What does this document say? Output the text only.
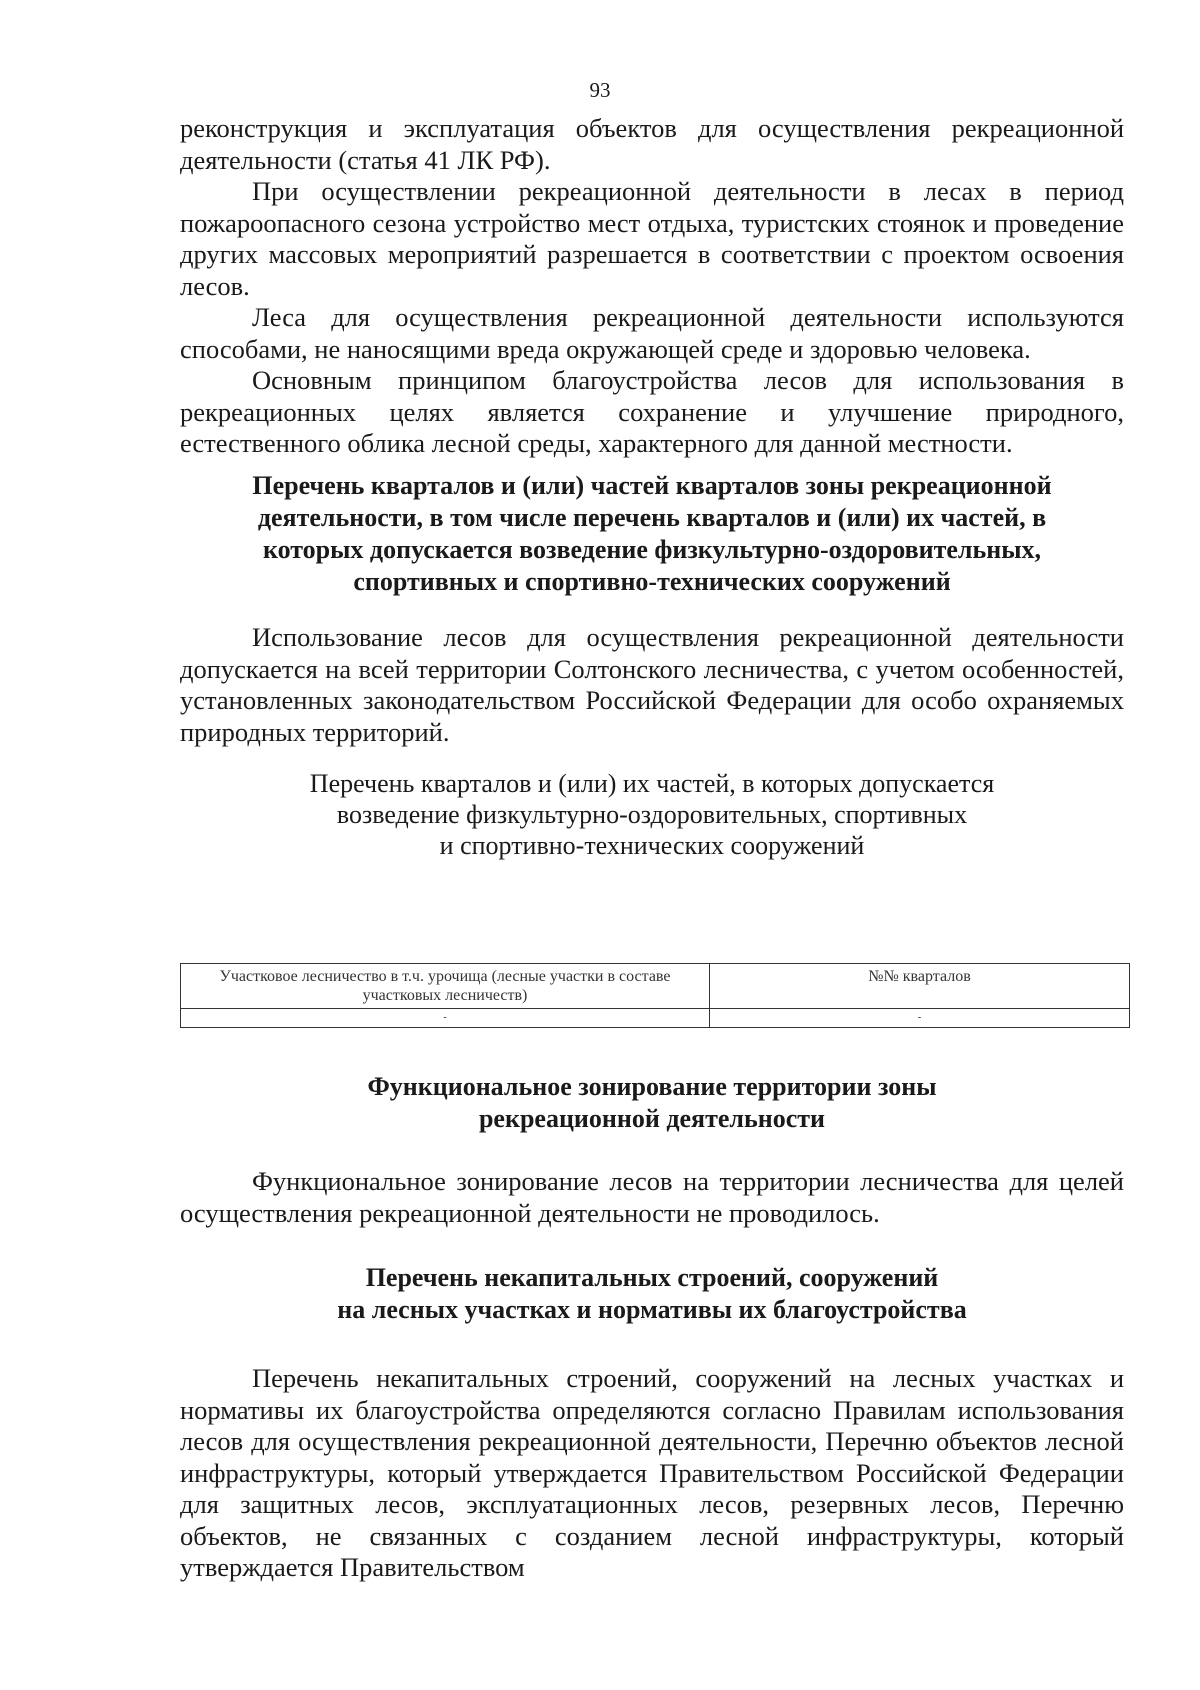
93

реконструкция и эксплуатация объектов для осуществления рекреационной деятельности (статья 41 ЛК РФ).

При осуществлении рекреационной деятельности в лесах в период пожароопасного сезона устройство мест отдыха, туристских стоянок и проведение других массовых мероприятий разрешается в соответствии с проектом освоения лесов.

Леса для осуществления рекреационной деятельности используются способами, не наносящими вреда окружающей среде и здоровью человека.

Основным принципом благоустройства лесов для использования в рекреационных целях является сохранение и улучшение природного, естественного облика лесной среды, характерного для данной местности.

Перечень кварталов и (или) частей кварталов зоны рекреационной
деятельности, в том числе перечень кварталов и (или) их частей, в
которых допускается возведение физкультурно-оздоровительных,
спортивных и спортивно-технических сооружений

Использование лесов для осуществления рекреационной деятельности допускается на всей территории Солтонского лесничества, с учетом особенностей, установленных законодательством Российской Федерации для особо охраняемых природных территорий.

Перечень кварталов и (или) их частей, в которых допускается
возведение физкультурно-оздоровительных, спортивных
и спортивно-технических сооружений
Участковое лесничество в т.ч. урочища (лесные участки в составе участковых лесничеств)	№№ кварталов
-	-
Функциональное зонирование территории зоны
рекреационной деятельности

Функциональное зонирование лесов на территории лесничества для целей осуществления рекреационной деятельности не проводилось.

Перечень некапитальных строений, сооружений
на лесных участках и нормативы их благоустройства

Перечень некапитальных строений, сооружений на лесных участках и нормативы их благоустройства определяются согласно Правилам использования лесов для осуществления рекреационной деятельности, Перечню объектов лесной инфраструктуры, который утверждается Правительством Российской Федерации для защитных лесов, эксплуатационных лесов, резервных лесов, Перечню объектов, не связанных с созданием лесной инфраструктуры, который утверждается Правительством
